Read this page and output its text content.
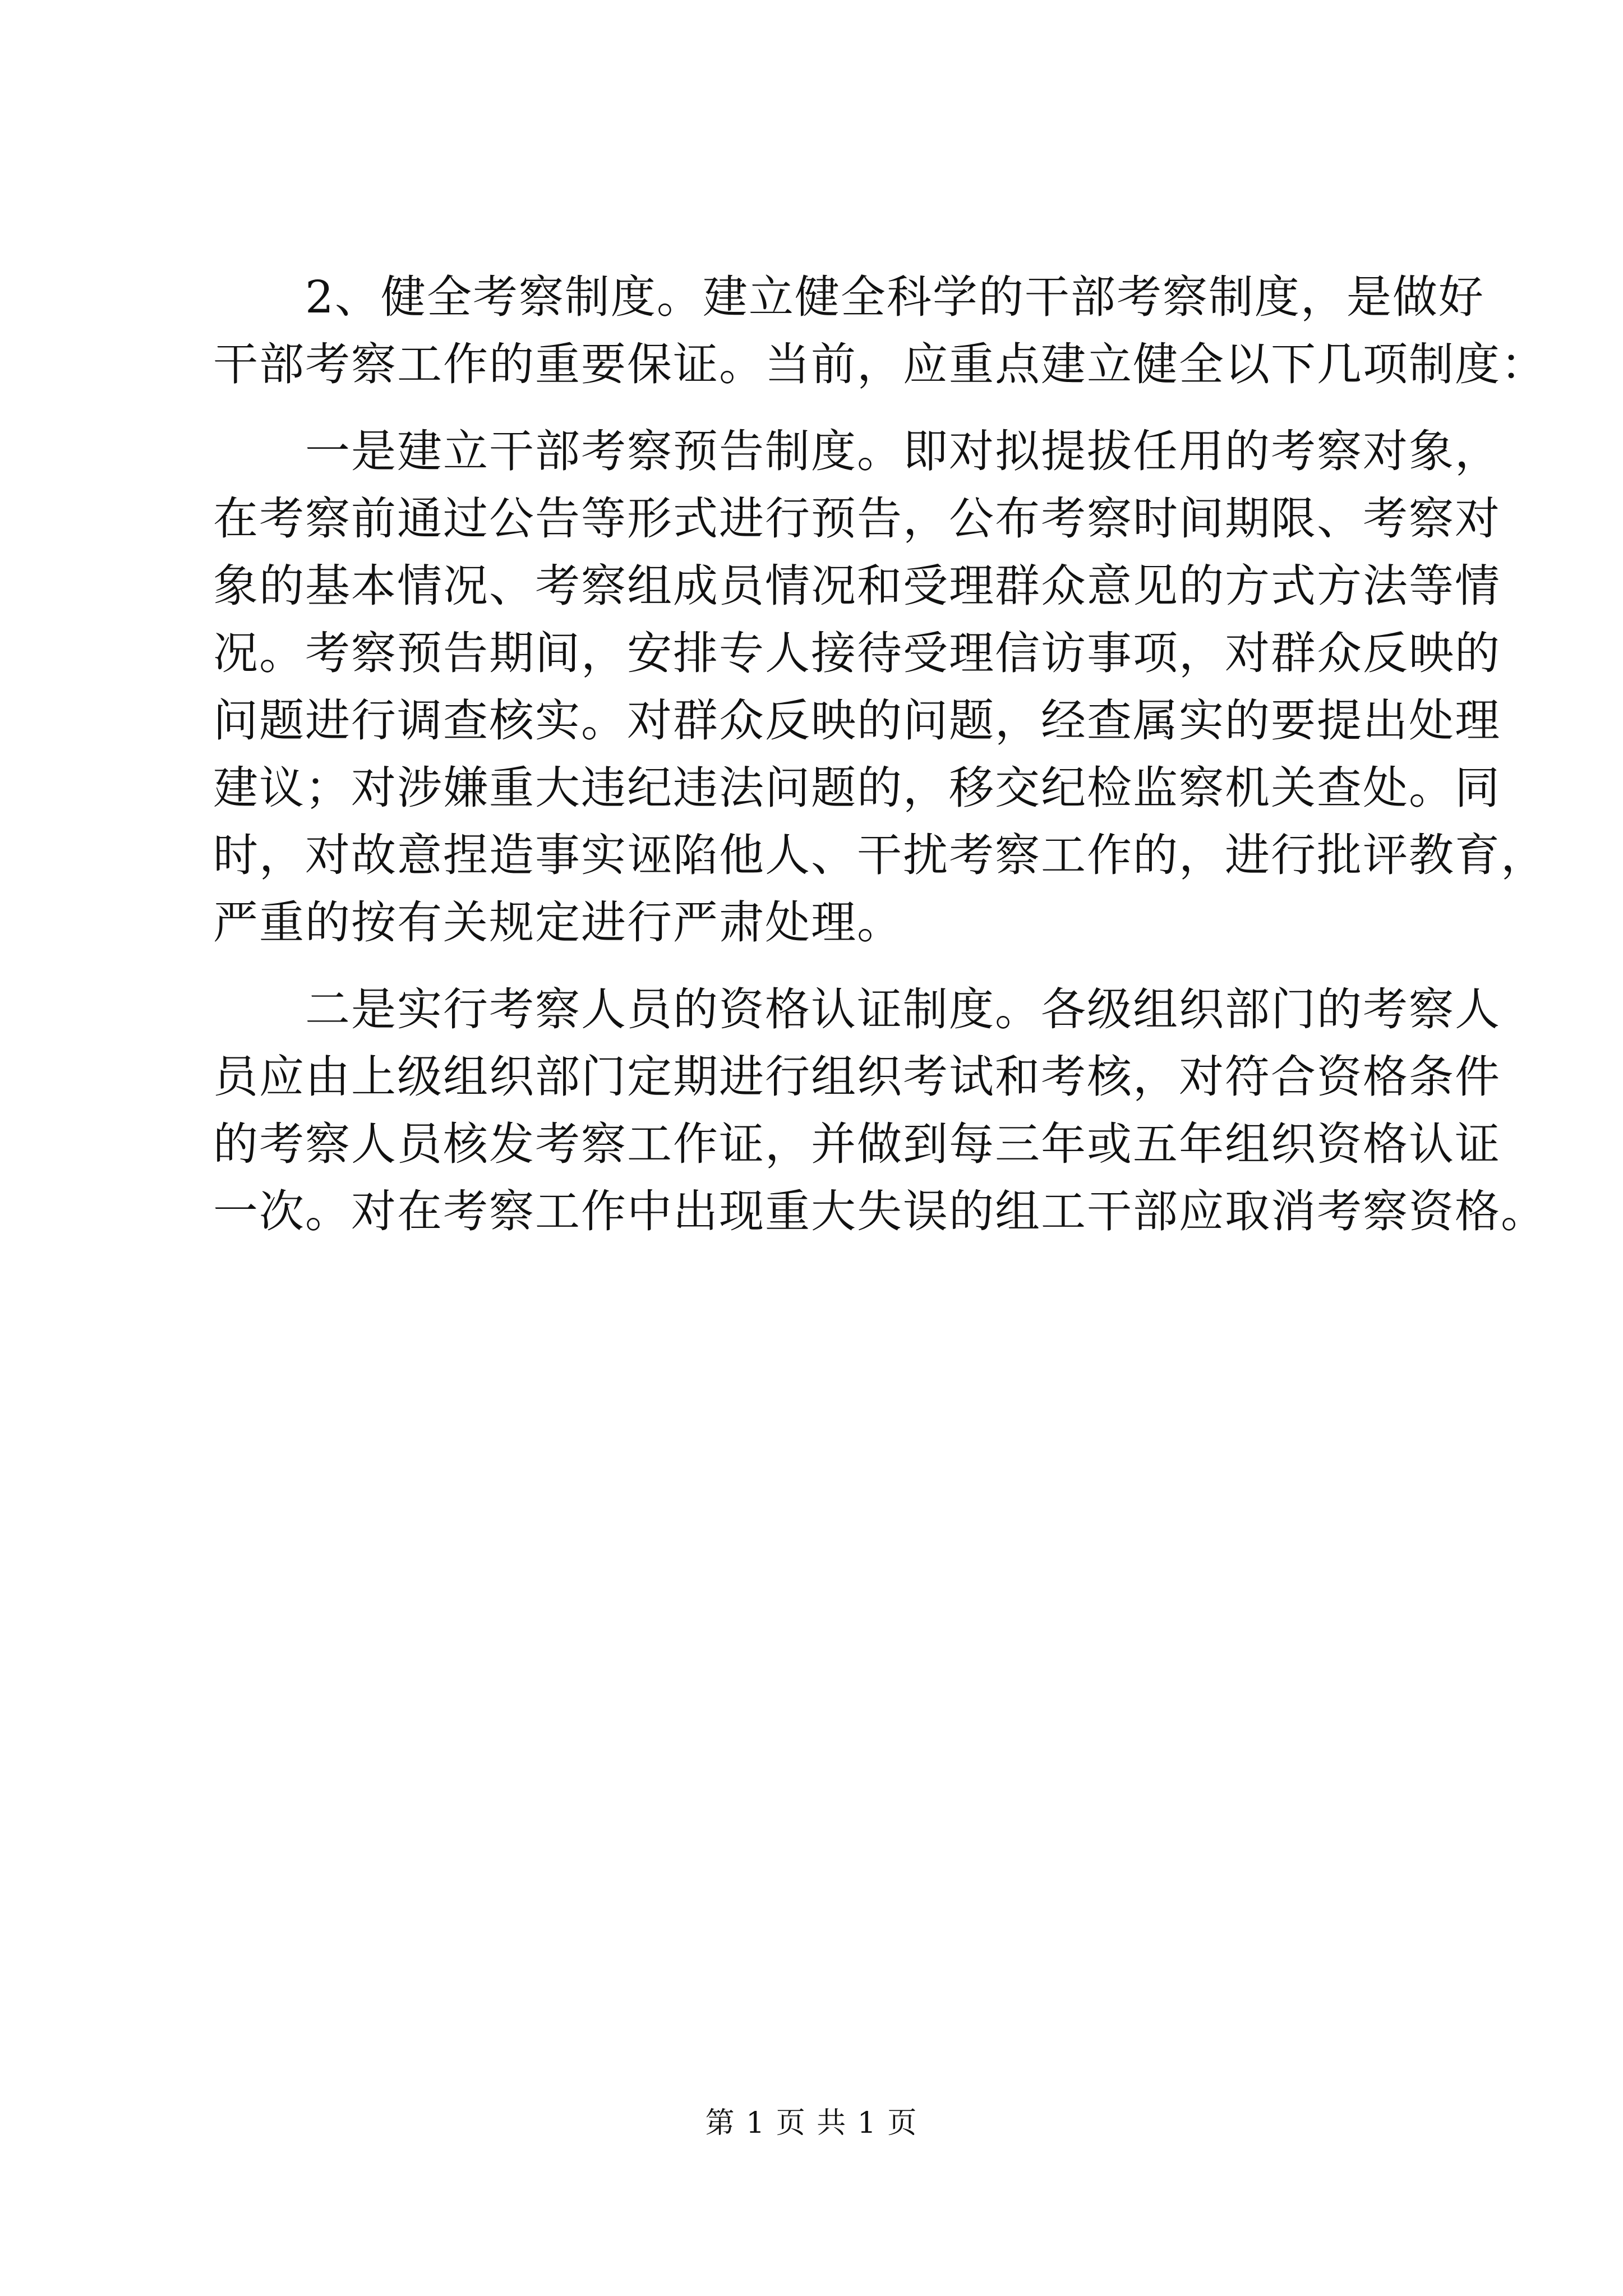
　　2、健全考察制度。建立健全科学的干部考察制度，是做好
干部考察工作的重要保证。当前，应重点建立健全以下几项制度：
　　一是建立干部考察预告制度。即对拟提拔任用的考察对象，
在考察前通过公告等形式进行预告，公布考察时间期限、考察对
象的基本情况、考察组成员情况和受理群众意见的方式方法等情
况。考察预告期间，安排专人接待受理信访事项，对群众反映的
问题进行调查核实。对群众反映的问题，经查属实的要提出处理
建议；对涉嫌重大违纪违法问题的，移交纪检监察机关查处。同
时，对故意捏造事实诬陷他人、干扰考察工作的，进行批评教育，
严重的按有关规定进行严肃处理。
　　二是实行考察人员的资格认证制度。各级组织部门的考察人
员应由上级组织部门定期进行组织考试和考核，对符合资格条件
的考察人员核发考察工作证，并做到每三年或五年组织资格认证
一次。对在考察工作中出现重大失误的组工干部应取消考察资格。
第 1 页 共 1 页
